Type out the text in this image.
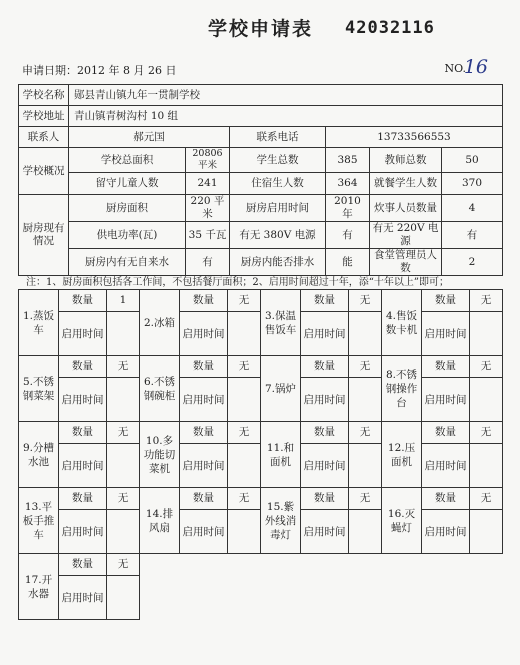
学校申请表 42032116
申请日期：2012 年 8 月 26 日	NO.
16
学校名称	郧县青山镇九年一贯制学校					
学校地址	青山镇青树沟村 10 组					
联系人	郝元国		联系电话	13733566553		
学校概况	学校总面积	20806 平米	学生总数	385	教师总数	50
	留守儿童人数	241	住宿生人数	364	就餐学生人数	370
厨房现有情况	厨房面积	220 平米	厨房启用时间	2010 年	炊事人员数量	4
	供电功率(瓦)	35 千瓦	有无 380V 电源	有	有无 220V 电源	有
	厨房内有无自来水	有	厨房内能否排水	能	食堂管理员人数	2
注：1、厨房面积包括各工作间，不包括餐厅面积；2、启用时间超过十年，添“十年以上”即可；
1.蒸饭车	数量	1	2.冰箱	数量	无	3.保温售饭车	数量	无	4.售饭数卡机	数量	无
	启用时间			启用时间			启用时间			启用时间	
5.不锈钢菜架	数量	无	6.不锈钢碗柜	数量	无	7.锅炉	数量	无	8.不锈钢操作台	数量	无
	启用时间			启用时间			启用时间			启用时间	
9.分槽水池	数量	无	10.多功能切菜机	数量	无	11.和面机	数量	无	12.压面机	数量	无
	启用时间			启用时间			启用时间			启用时间	
13.平板手推车	数量	无	14.排风扇	数量	无	15.紫外线消毒灯	数量	无	16.灭蝇灯	数量	无
	启用时间			启用时间			启用时间			启用时间	
17.开水器	数量	无									
	启用时间										
